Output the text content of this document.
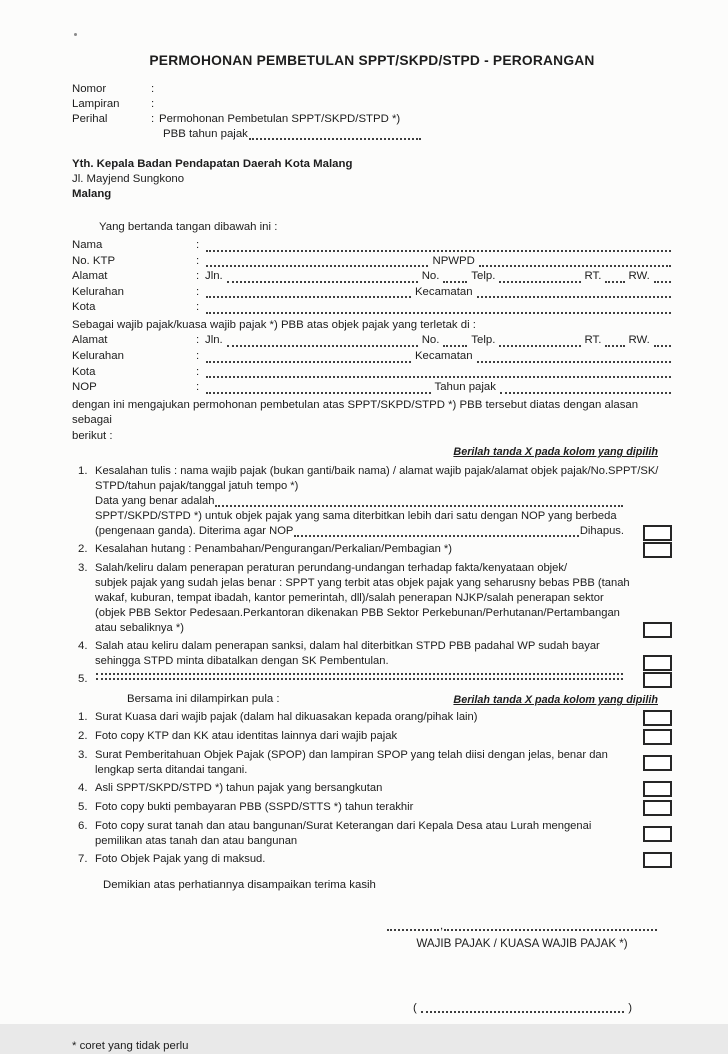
PERMOHONAN PEMBETULAN SPPT/SKPD/STPD - PERORANGAN
Nomor	:
Lampiran	:
Perihal	: Permohonan Pembetulan SPPT/SKPD/STPD *)
PBB tahun pajak
Yth. Kepala Badan Pendapatan Daerah Kota Malang
Jl. Mayjend Sungkono
Malang
Yang bertanda tangan dibawah ini :
Nama	:
No. KTP	:	NPWPD
Alamat	: Jln.	No.	Telp.	RT. RW.
Kelurahan	:	Kecamatan
Kota	:
Sebagai wajib pajak/kuasa wajib pajak *) PBB atas objek pajak yang terletak di :
Alamat	: Jln.	No.	Telp.	RT. RW.
Kelurahan	:	Kecamatan
Kota	:
NOP	:	Tahun pajak
dengan ini mengajukan permohonan pembetulan atas SPPT/SKPD/STPD *) PBB tersebut diatas dengan alasan sebagai
berikut :
Berilah tanda X pada kolom yang dipilih
1. Kesalahan tulis : nama wajib pajak (bukan ganti/baik nama) / alamat wajib pajak/alamat objek pajak/No.SPPT/SK/
STPD/tahun pajak/tanggal jatuh tempo *)
Data yang benar adalah
SPPT/SKPD/STPD *) untuk objek pajak yang sama diterbitkan lebih dari satu dengan NOP yang berbeda
(pengenaan ganda). Diterima agar NOP	Dihapus.
2. Kesalahan hutang : Penambahan/Pengurangan/Perkalian/Pembagian *)
3. Salah/keliru dalam penerapan peraturan perundang-undangan terhadap fakta/kenyataan objek/
subjek pajak yang sudah jelas benar : SPPT yang terbit atas objek pajak yang seharusny bebas PBB (tanah
wakaf, kuburan, tempat ibadah, kantor pemerintah, dll)/salah penerapan NJKP/salah penerapan sektor
(objek PBB Sektor Pedesaan.Perkantoran dikenakan PBB Sektor Perkebunan/Perhutanan/Pertambangan
atau sebaliknya *)
4. Salah atau keliru dalam penerapan sanksi, dalam hal diterbitkan STPD PBB padahal WP sudah bayar
sehingga STPD minta dibatalkan dengan SK Pembentulan.
5.
Bersama ini dilampirkan pula :	Berilah tanda X pada kolom yang dipilih
1. Surat Kuasa dari wajib pajak (dalam hal dikuasakan kepada orang/pihak lain)
2. Foto copy KTP dan KK atau identitas lainnya dari wajib pajak
3. Surat Pemberitahuan Objek Pajak (SPOP) dan lampiran SPOP yang telah diisi dengan jelas, benar dan
lengkap serta ditandai tangani.
4. Asli SPPT/SKPD/STPD *) tahun pajak yang bersangkutan
5. Foto copy bukti pembayaran PBB (SSPD/STTS *) tahun terakhir
6. Foto copy surat tanah dan atau bangunan/Surat Keterangan dari Kepala Desa atau Lurah mengenai
pemilikan atas tanah dan atau bangunan
7. Foto Objek Pajak yang di maksud.
Demikian atas perhatiannya disampaikan terima kasih
,
WAJIB PAJAK / KUASA WAJIB PAJAK *)
(	)
* coret yang tidak perlu
